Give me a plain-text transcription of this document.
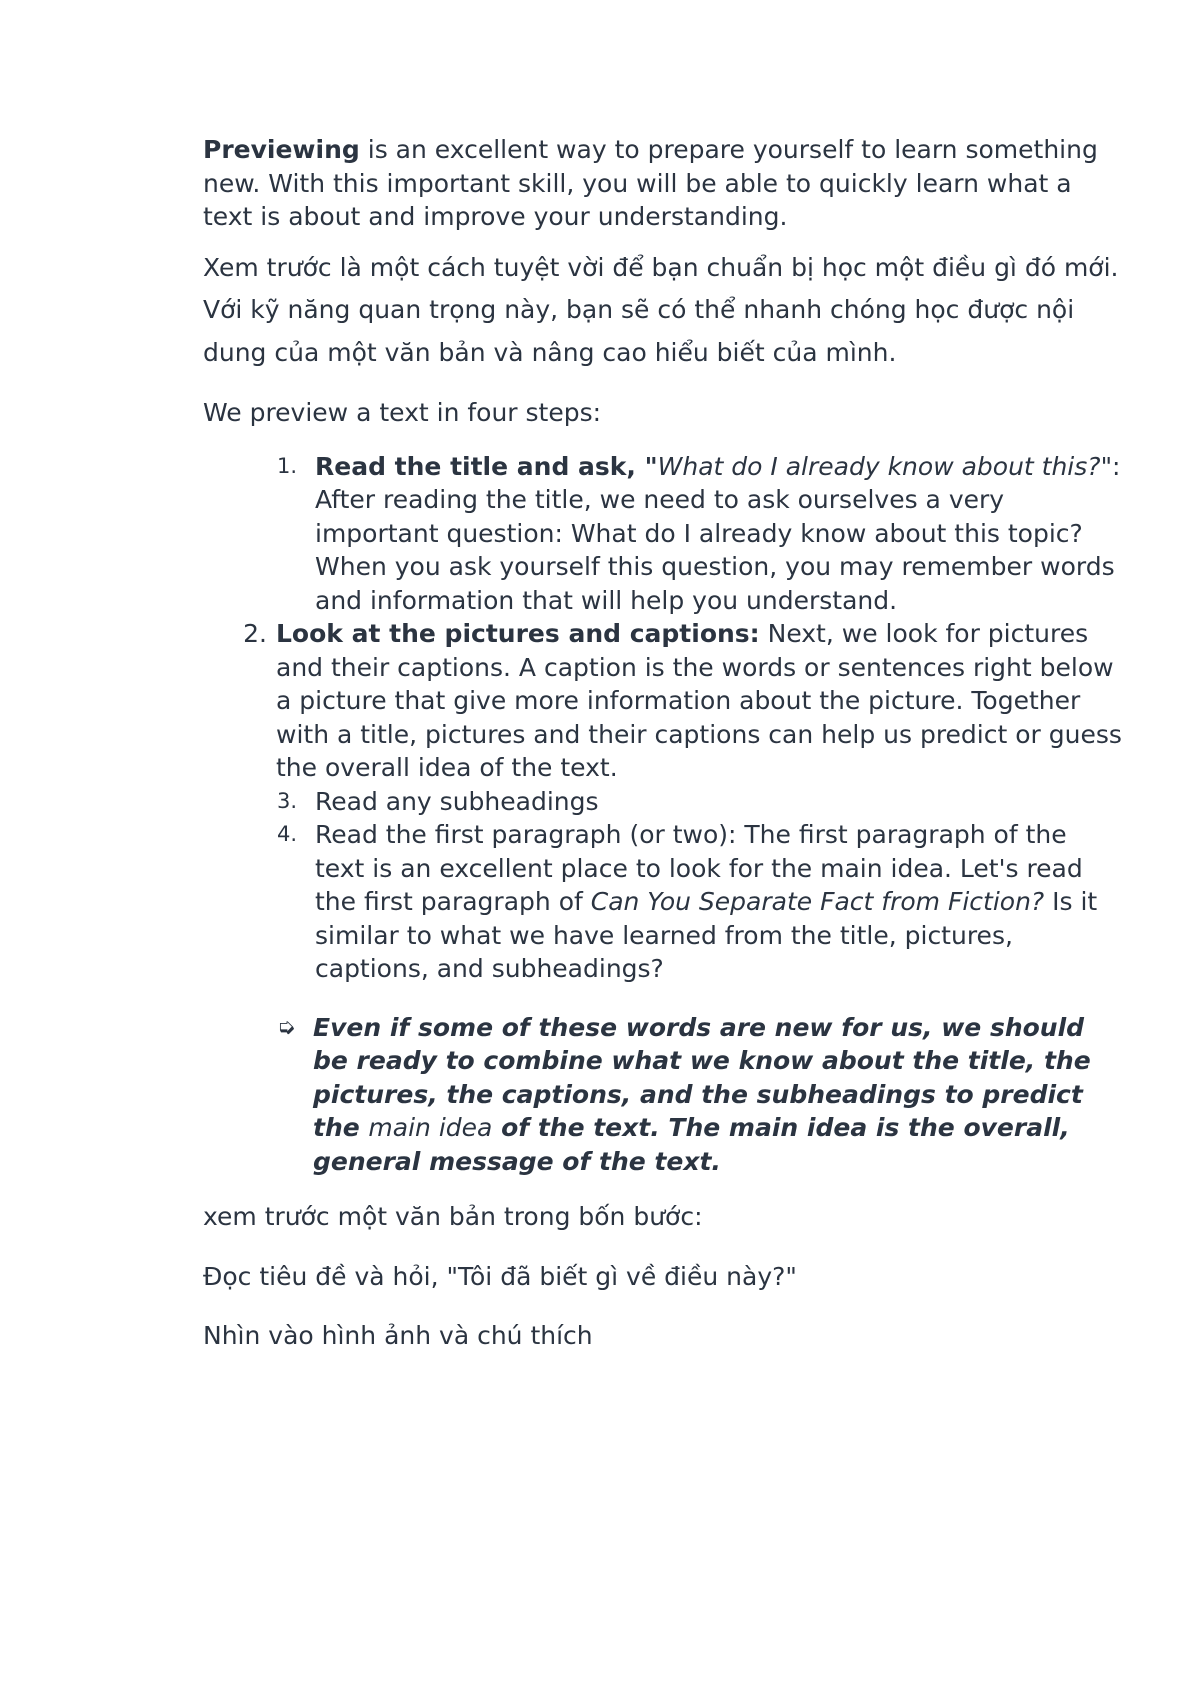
Previewing is an excellent way to prepare yourself to learn something new. With this important skill, you will be able to quickly learn what a text is about and improve your understanding.

Xem trước là một cách tuyệt vời để bạn chuẩn bị học một điều gì đó mới. Với kỹ năng quan trọng này, bạn sẽ có thể nhanh chóng học được nội dung của một văn bản và nâng cao hiểu biết của mình.

We preview a text in four steps:

1. Read the title and ask, "What do I already know about this?": After reading the title, we need to ask ourselves a very important question: What do I already know about this topic? When you ask yourself this question, you may remember words and information that will help you understand.
2. Look at the pictures and captions: Next, we look for pictures and their captions. A caption is the words or sentences right below a picture that give more information about the picture. Together with a title, pictures and their captions can help us predict or guess the overall idea of the text.
3. Read any subheadings
4. Read the first paragraph (or two): The first paragraph of the text is an excellent place to look for the main idea. Let's read the first paragraph of Can You Separate Fact from Fiction? Is it similar to what we have learned from the title, pictures, captions, and subheadings?
➭ Even if some of these words are new for us, we should be ready to combine what we know about the title, the pictures, the captions, and the subheadings to predict the main idea of the text. The main idea is the overall, general message of the text.

xem trước một văn bản trong bốn bước:

Đọc tiêu đề và hỏi, "Tôi đã biết gì về điều này?"

Nhìn vào hình ảnh và chú thích
